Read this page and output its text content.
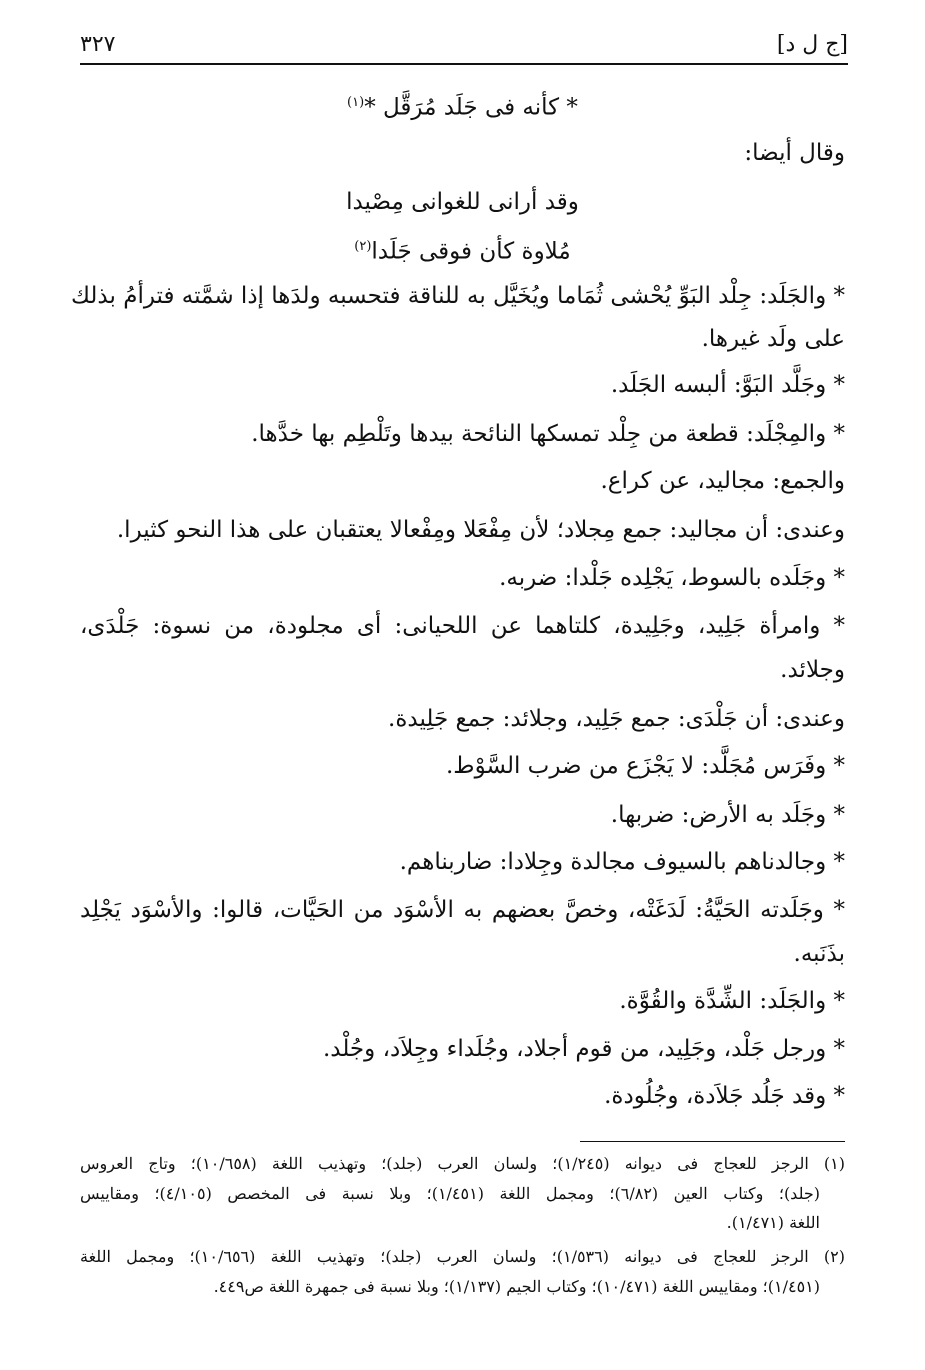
[ج ل د]
٣٢٧
* كأنه فى جَلَد مُرَقَّل *$^{(١)}$
وقال أيضا:
وقد أرانى للغوانى مِصْيدا
مُلاوة كأن فوقى جَلَدا$^{(٢)}$
* والجَلَد: جِلْد البَوِّ يُحْشى ثُمَاما ويُخَيَّل به للناقة فتحسبه ولدَها إذا شمَّته فترأمُ بذلك
على ولَد غيرها.
* وجَلَّد البَوَّ: ألبسه الجَلَد.
* والمِجْلَد: قطعة من جِلْد تمسكها النائحة بيدها وتَلْطِم بها خدَّها.
والجمع: مجاليد، عن كراع.
وعندى: أن مجاليد: جمع مِجلاد؛ لأن مِفْعَلا ومِفْعالا يعتقبان على هذا النحو كثيرا.
* وجَلَده بالسوط، يَجْلِده جَلْدا: ضربه.
* وامرأة جَلِيد، وجَلِيدة، كلتاهما عن اللحيانى: أى مجلودة، من نسوة: جَلْدَى،
وجلائد.
وعندى: أن جَلْدَى: جمع جَلِيد، وجلائد: جمع جَلِيدة.
* وفَرَس مُجَلَّد: لا يَجْزَع من ضرب السَّوْط.
* وجَلَد به الأرض: ضربها.
* وجالدناهم بالسيوف مجالدة وجِلادا: ضاربناهم.
* وجَلَدته الحَيَّةُ: لَدَغَتْه، وخصَّ بعضهم به الأسْوَد من الحَيَّات، قالوا: والأسْوَد يَجْلِد
بذَنَبه.
* والجَلَد: الشِّدَّة والقُوَّة.
* ورجل جَلْد، وجَلِيد، من قوم أجلاد، وجُلَداء وجِلاَد، وجُلْد.
* وقد جَلُد جَلاَدة، وجُلُودة.
(١) الرجز للعجاج فى ديوانه (١/٢٤٥)؛ ولسان العرب (جلد)؛ وتهذيب اللغة (١٠/٦٥٨)؛ وتاج العروس
(جلد)؛ وكتاب العين (٦/٨٢)؛ ومجمل اللغة (١/٤٥١)؛ وبلا نسبة فى المخصص (٤/١٠٥)؛ ومقاييس
اللغة (١/٤٧١).
(٢) الرجز للعجاج فى ديوانه (١/٥٣٦)؛ ولسان العرب (جلد)؛ وتهذيب اللغة (١٠/٦٥٦)؛ ومجمل اللغة
(١/٤٥١)؛ ومقاييس اللغة (١٠/٤٧١)؛ وكتاب الجيم (١/١٣٧)؛ وبلا نسبة فى جمهرة اللغة ص٤٤٩.
